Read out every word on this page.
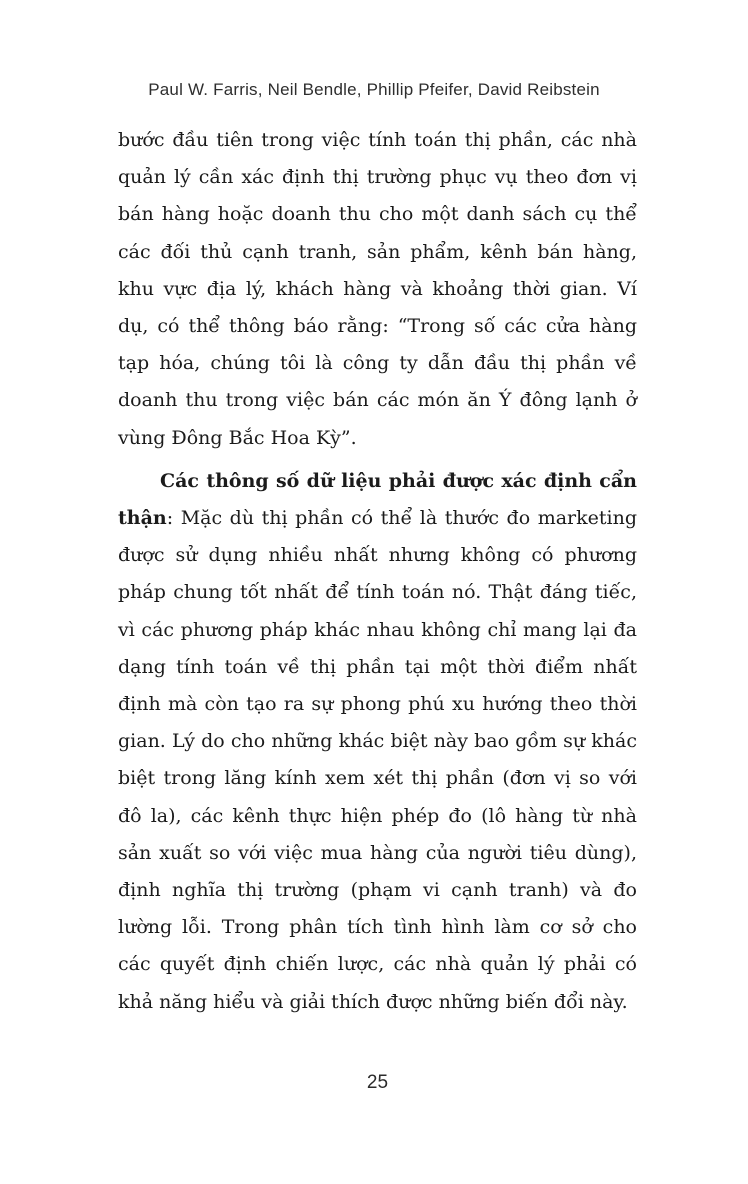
Paul W. Farris, Neil Bendle, Phillip Pfeifer, David Reibstein

bước đầu tiên trong việc tính toán thị phần, các nhà quản lý cần xác định thị trường phục vụ theo đơn vị bán hàng hoặc doanh thu cho một danh sách cụ thể các đối thủ cạnh tranh, sản phẩm, kênh bán hàng, khu vực địa lý, khách hàng và khoảng thời gian. Ví dụ, có thể thông báo rằng: “Trong số các cửa hàng tạp hóa, chúng tôi là công ty dẫn đầu thị phần về doanh thu trong việc bán các món ăn Ý đông lạnh ở vùng Đông Bắc Hoa Kỳ”.

Các thông số dữ liệu phải được xác định cẩn thận: Mặc dù thị phần có thể là thước đo marketing được sử dụng nhiều nhất nhưng không có phương pháp chung tốt nhất để tính toán nó. Thật đáng tiếc, vì các phương pháp khác nhau không chỉ mang lại đa dạng tính toán về thị phần tại một thời điểm nhất định mà còn tạo ra sự phong phú xu hướng theo thời gian. Lý do cho những khác biệt này bao gồm sự khác biệt trong lăng kính xem xét thị phần (đơn vị so với đô la), các kênh thực hiện phép đo (lô hàng từ nhà sản xuất so với việc mua hàng của người tiêu dùng), định nghĩa thị trường (phạm vi cạnh tranh) và đo lường lỗi. Trong phân tích tình hình làm cơ sở cho các quyết định chiến lược, các nhà quản lý phải có khả năng hiểu và giải thích được những biến đổi này.

25
